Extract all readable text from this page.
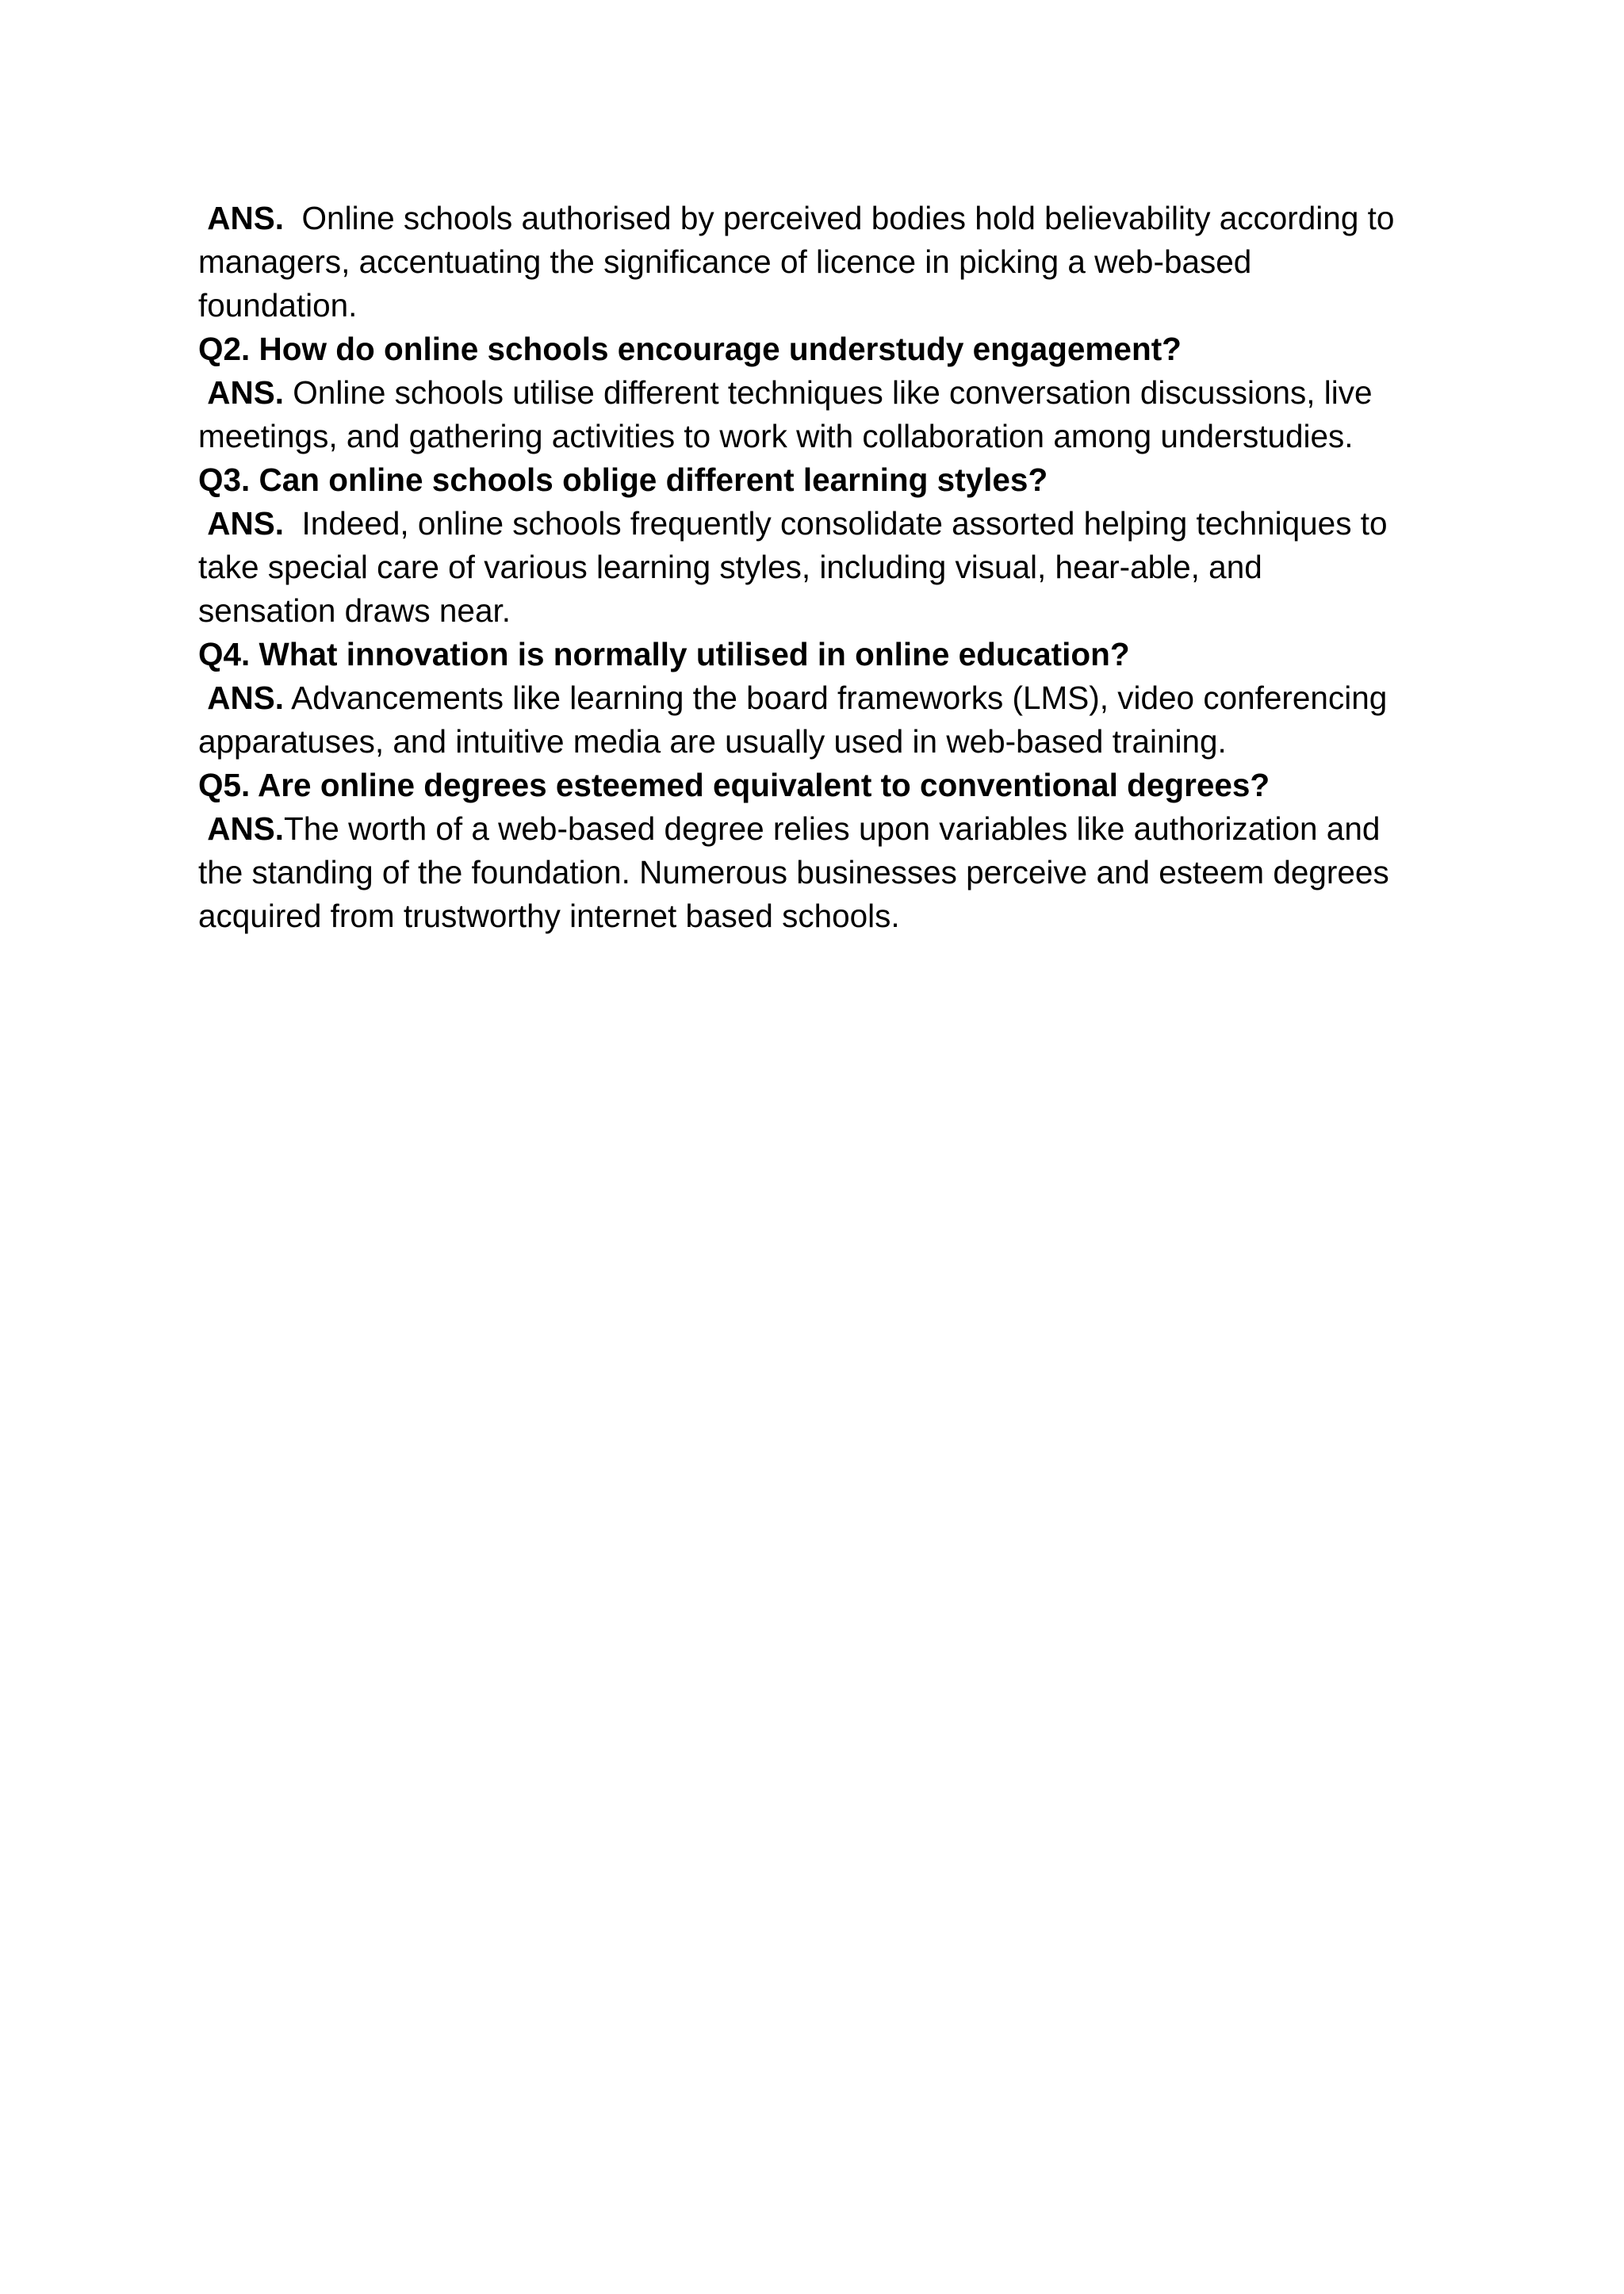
ANS. Online schools authorised by perceived bodies hold believability according to
managers, accentuating the significance of licence in picking a web-based
foundation.
Q2. How do online schools encourage understudy engagement?
ANS. Online schools utilise different techniques like conversation discussions, live
meetings, and gathering activities to work with collaboration among understudies.
Q3. Can online schools oblige different learning styles?
ANS. Indeed, online schools frequently consolidate assorted helping techniques to
take special care of various learning styles, including visual, hear-able, and
sensation draws near.
Q4. What innovation is normally utilised in online education?
ANS. Advancements like learning the board frameworks (LMS), video conferencing
apparatuses, and intuitive media are usually used in web-based training.
Q5. Are online degrees esteemed equivalent to conventional degrees?
ANS.The worth of a web-based degree relies upon variables like authorization and
the standing of the foundation. Numerous businesses perceive and esteem degrees
acquired from trustworthy internet based schools.
